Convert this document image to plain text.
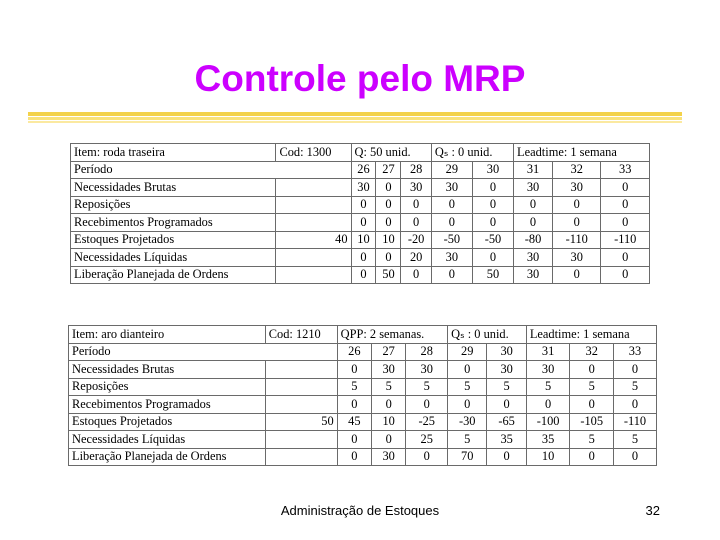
Controle pelo MRP
Item: roda traseira	Cod: 1300	Q: 50 unid.			Qₛ : 0 unid.		Leadtime: 1 semana		
Período		26	27	28	29	30	31	32	33
Necessidades Brutas		30	0	30	30	0	30	30	0
Reposições		0	0	0	0	0	0	0	0
Recebimentos Programados		0	0	0	0	0	0	0	0
Estoques Projetados	40	10	10	-20	-50	-50	-80	-110	-110
Necessidades Líquidas		0	0	20	30	0	30	30	0
Liberação Planejada de Ordens		0	50	0	0	50	30	0	0
Item: aro dianteiro	Cod: 1210	QPP: 2 semanas.			Qₛ : 0 unid.		Leadtime: 1 semana		
Período		26	27	28	29	30	31	32	33
Necessidades Brutas		0	30	30	0	30	30	0	0
Reposições		5	5	5	5	5	5	5	5
Recebimentos Programados		0	0	0	0	0	0	0	0
Estoques Projetados	50	45	10	-25	-30	-65	-100	-105	-110
Necessidades Líquidas		0	0	25	5	35	35	5	5
Liberação Planejada de Ordens		0	30	0	70	0	10	0	0
Administração de Estoques	32
